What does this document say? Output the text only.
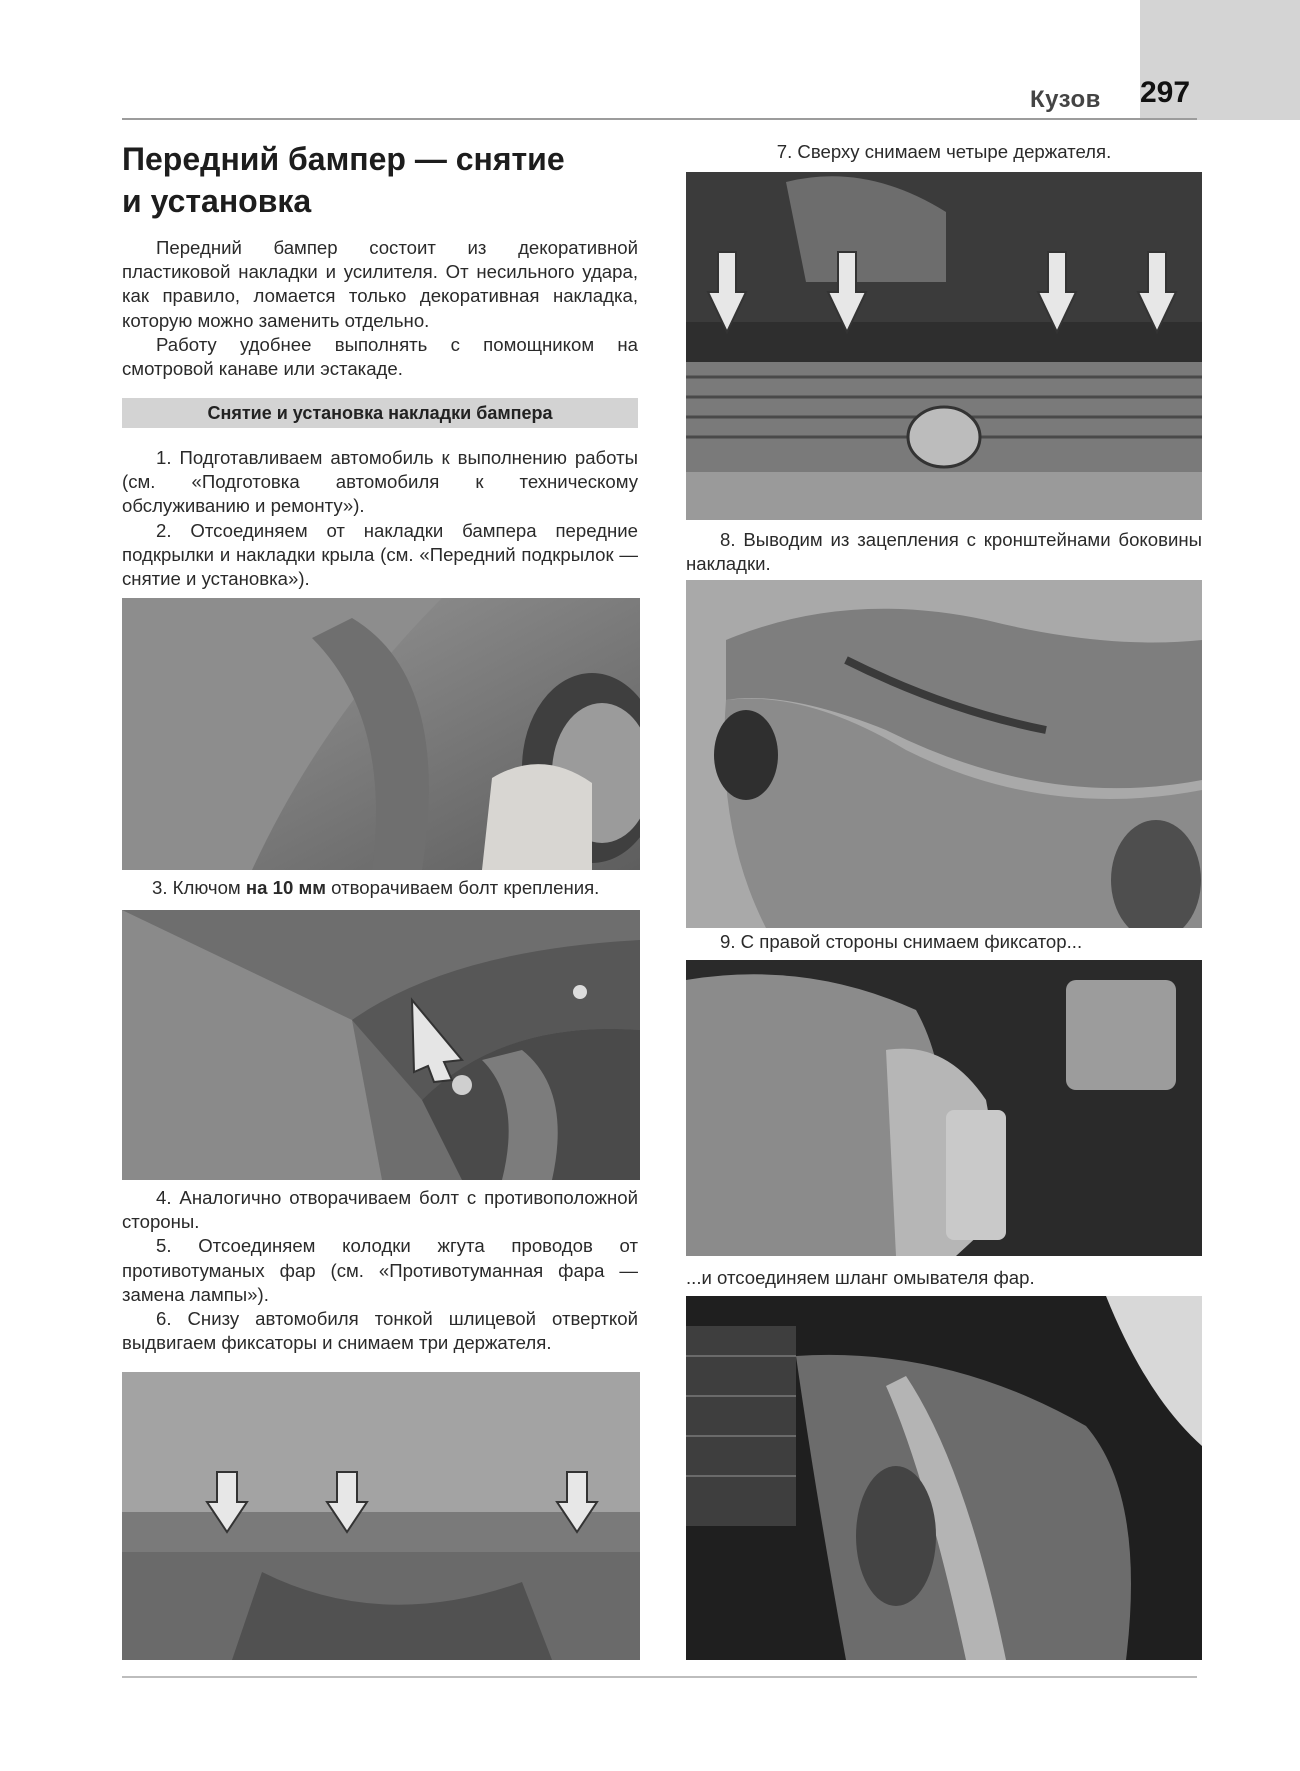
Кузов 297
Передний бампер — снятие
и установка

Передний бампер состоит из декоративной пластиковой накладки и усилителя. От несильного удара, как правило, ломается только декоративная накладка, которую можно заменить отдельно.

Работу удобнее выполнять с помощником на смотровой канаве или эстакаде.

Снятие и установка накладки бампера

1. Подготавливаем автомобиль к выполнению работы (см. «Подготовка автомобиля к техническому обслуживанию и ремонту»).

2. Отсоединяем от накладки бампера передние подкрылки и накладки крыла (см. «Передний подкрылок — снятие и установка»).

3. Ключом на 10 мм отворачиваем болт крепления.

4. Аналогично отворачиваем болт с противоположной стороны.

5. Отсоединяем колодки жгута проводов от противотуманых фар (см. «Противотуманная фара — замена лампы»).

6. Снизу автомобиля тонкой шлицевой отверткой выдвигаем фиксаторы и снимаем три держателя.

7. Сверху снимаем четыре держателя.

8. Выводим из зацепления с кронштейнами боковины накладки.

9. С правой стороны снимаем фиксатор...

...и отсоединяем шланг омывателя фар.
